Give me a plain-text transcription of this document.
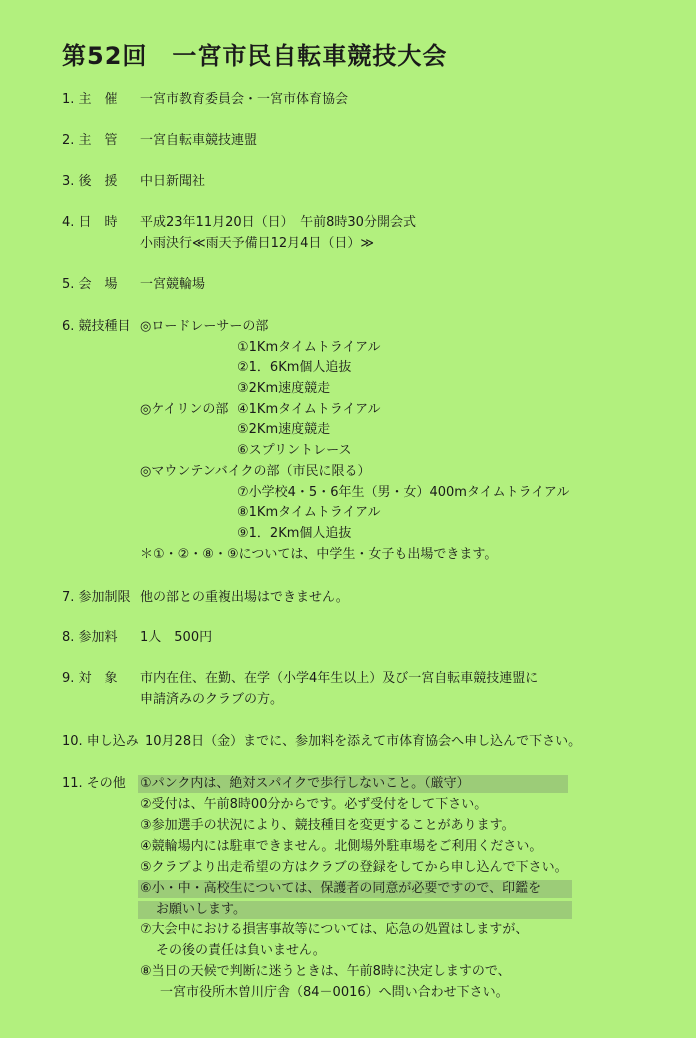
第52回　一宮市民自転車競技大会
1. 主　催 一宮市教育委員会・一宮市体育協会
2. 主　管 一宮自転車競技連盟
3. 後　援 中日新聞社
4. 日　時 平成23年11月20日（日）　午前8時30分開会式
小雨決行≪雨天予備日12月4日（日）≫
5. 会　場 一宮競輪場
6. 競技種目 ◎ロードレーサーの部
①1Kmタイムトライアル
②1．6Km個人追抜
③2Km速度競走
◎ケイリンの部 ④1Kmタイムトライアル
⑤2Km速度競走
⑥スプリントレース
◎マウンテンバイクの部（市民に限る）
⑦小学校4・5・6年生（男・女）400mタイムトライアル
⑧1Kmタイムトライアル
⑨1．2Km個人追抜
＊①・②・⑧・⑨については、中学生・女子も出場できます。
7. 参加制限 他の部との重複出場はできません。
8. 参加料 1人　500円
9. 対　象 市内在住、在勤、在学（小学4年生以上）及び一宮自転車競技連盟に
申請済みのクラブの方。
10. 申し込み 10月28日（金）までに、参加料を添えて市体育協会へ申し込んで下さい。
11. その他 ①パンク内は、絶対スパイクで歩行しないこと。（厳守）
②受付は、午前8時00分からです。必ず受付をして下さい。
③参加選手の状況により、競技種目を変更することがあります。
④競輪場内には駐車できません。北側場外駐車場をご利用ください。
⑤クラブより出走希望の方はクラブの登録をしてから申し込んで下さい。
⑥小・中・高校生については、保護者の同意が必要ですので、印鑑を
お願いします。
⑦大会中における損害事故等については、応急の処置はしますが、
その後の責任は負いません。
⑧当日の天候で判断に迷うときは、午前8時に決定しますので、
一宮市役所木曽川庁舎（84－0016）へ問い合わせ下さい。
